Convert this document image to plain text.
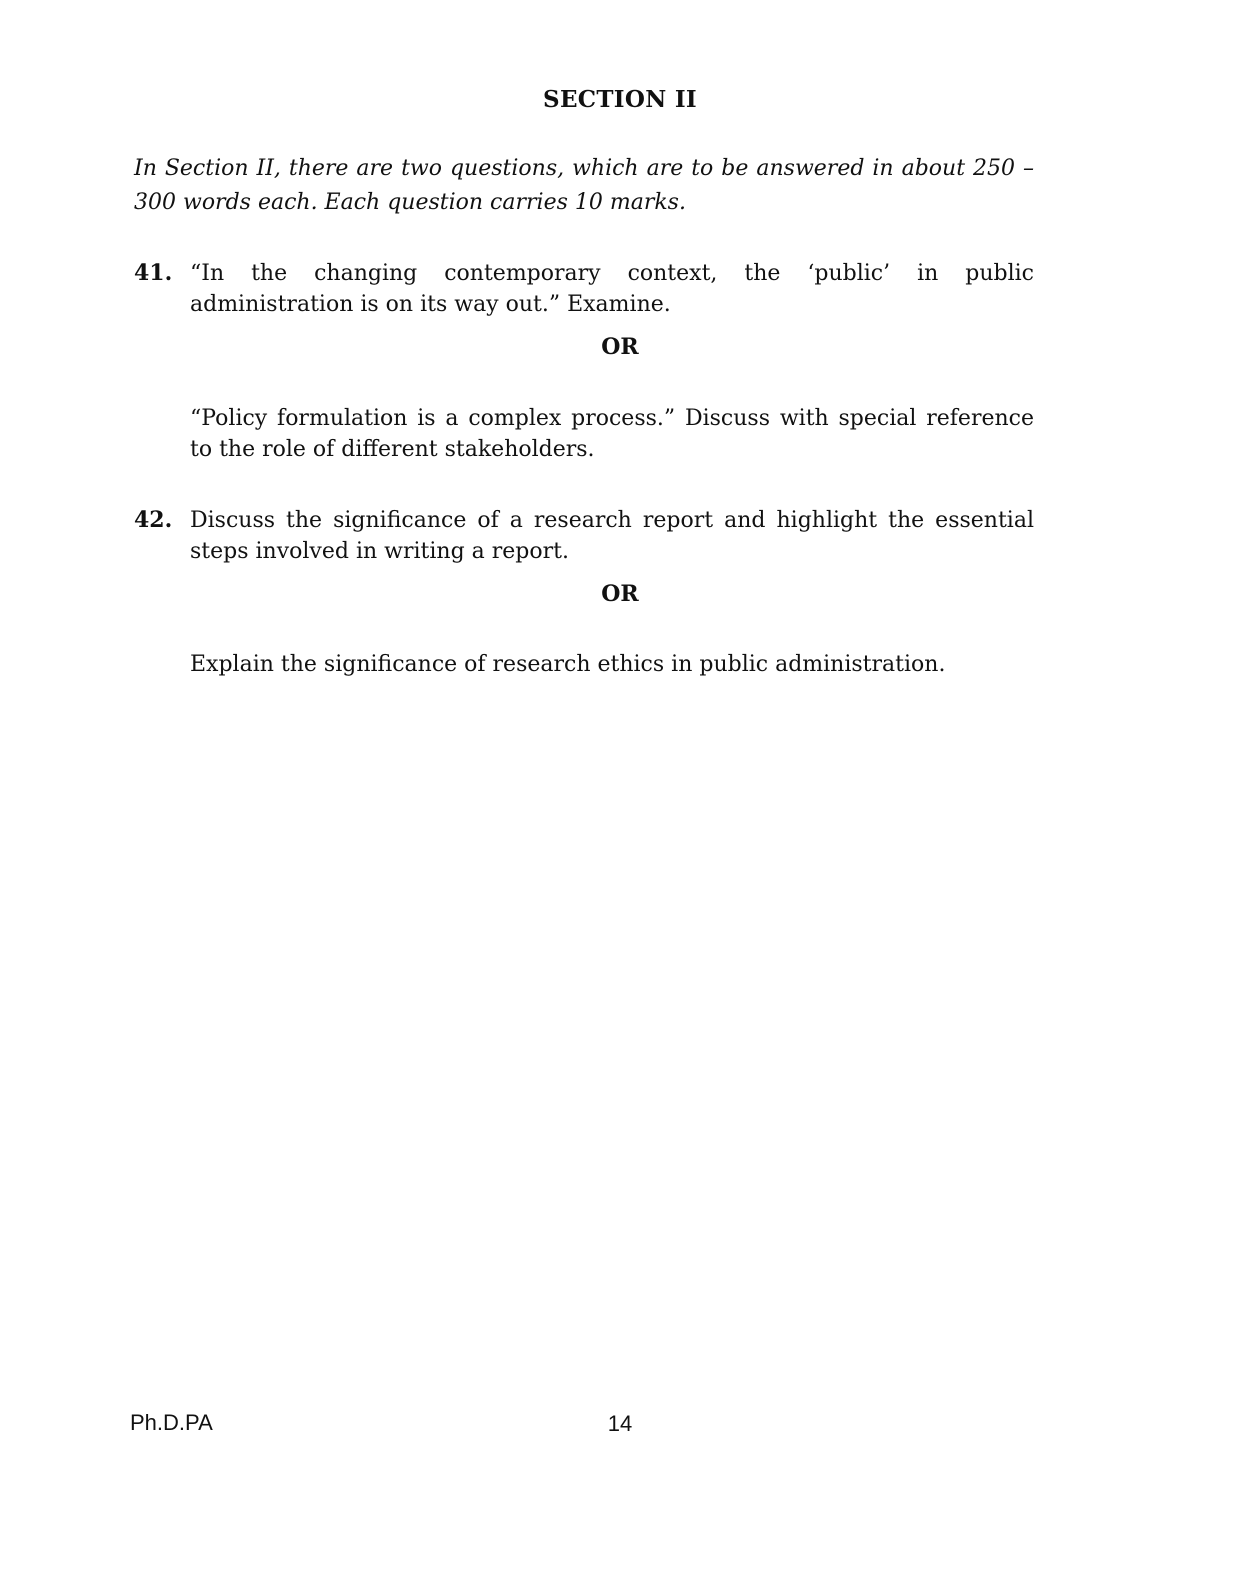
SECTION II
In Section II, there are two questions, which are to be answered in about 250 – 300 words each. Each question carries 10 marks.
41. “In the changing contemporary context, the ‘public’ in public administration is on its way out.” Examine.
OR
“Policy formulation is a complex process.” Discuss with special reference to the role of different stakeholders.
42. Discuss the significance of a research report and highlight the essential steps involved in writing a report.
OR
Explain the significance of research ethics in public administration.
Ph.D.PA	14
